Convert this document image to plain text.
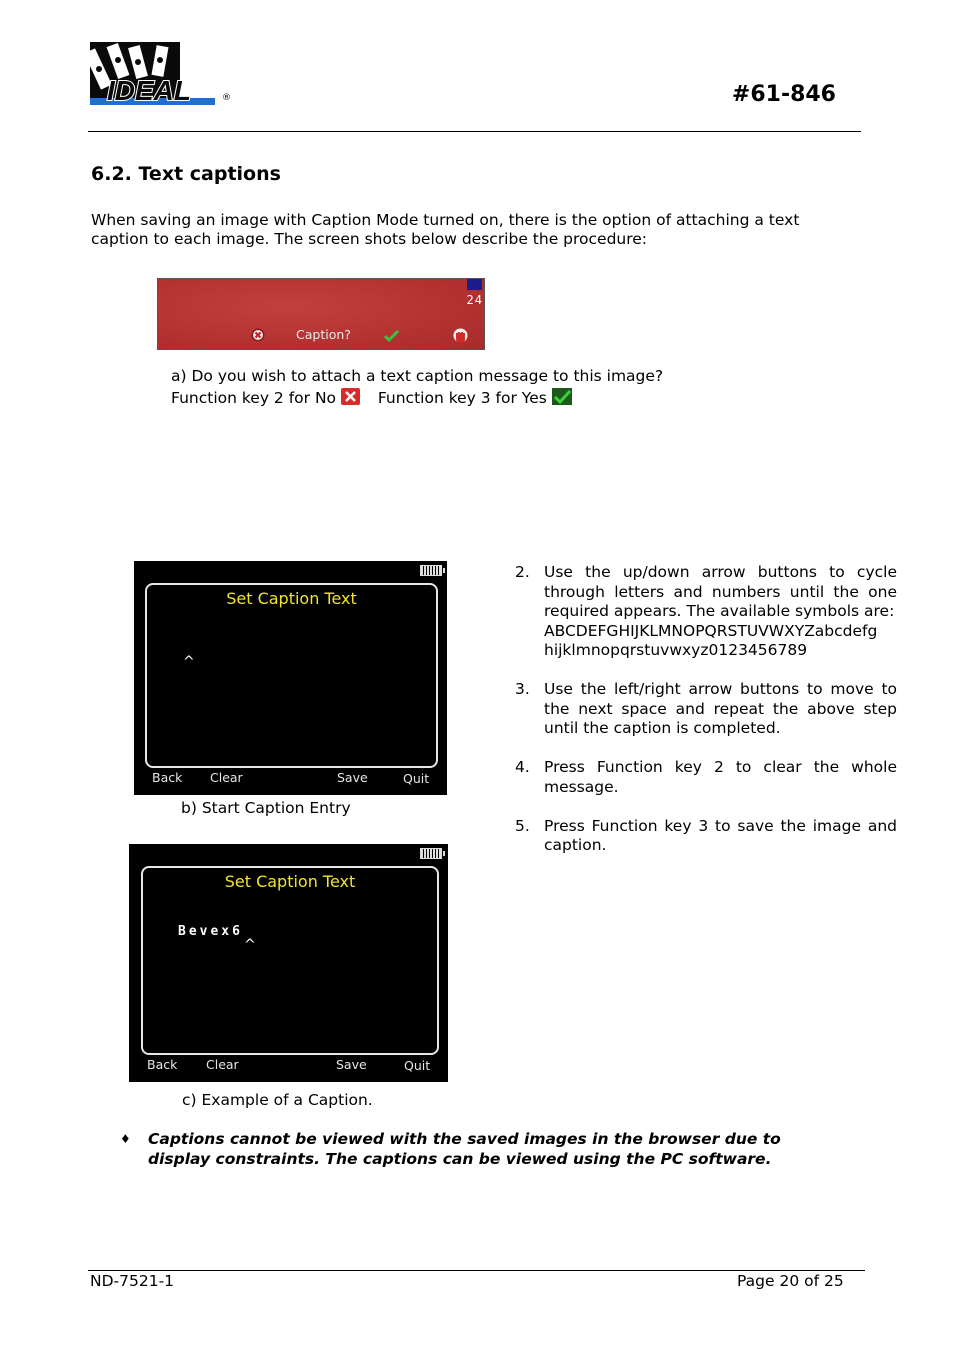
IDEAL	®	#61-846
6.2. Text captions
When saving an image with Caption Mode turned on, there is the option of attaching a text caption to each image. The screen shots below describe the procedure:
24
Caption?
a) Do you wish to attach a text caption message to this image?
Function key 2 for No	Function key 3 for Yes
Set Caption Text
^
Back Clear	Save	Quit
b) Start Caption Entry
Set Caption Text
Bevex6
^
Back Clear	Save	Quit
c) Example of a Caption.
2. Use the up/down arrow buttons to cycle through letters and numbers until the one required appears. The available symbols are:
ABCDEFGHIJKLMNOPQRSTUVWXYZabcdefg
hijklmnopqrstuvwxyz0123456789
3. Use the left/right arrow buttons to move to the next space and repeat the above step until the caption is completed.
4. Press Function key 2 to clear the whole message.
5. Press Function key 3 to save the image and caption.
♦	Captions cannot be viewed with the saved images in the browser due to display constraints. The captions can be viewed using the PC software.
ND-7521-1	Page 20 of 25
